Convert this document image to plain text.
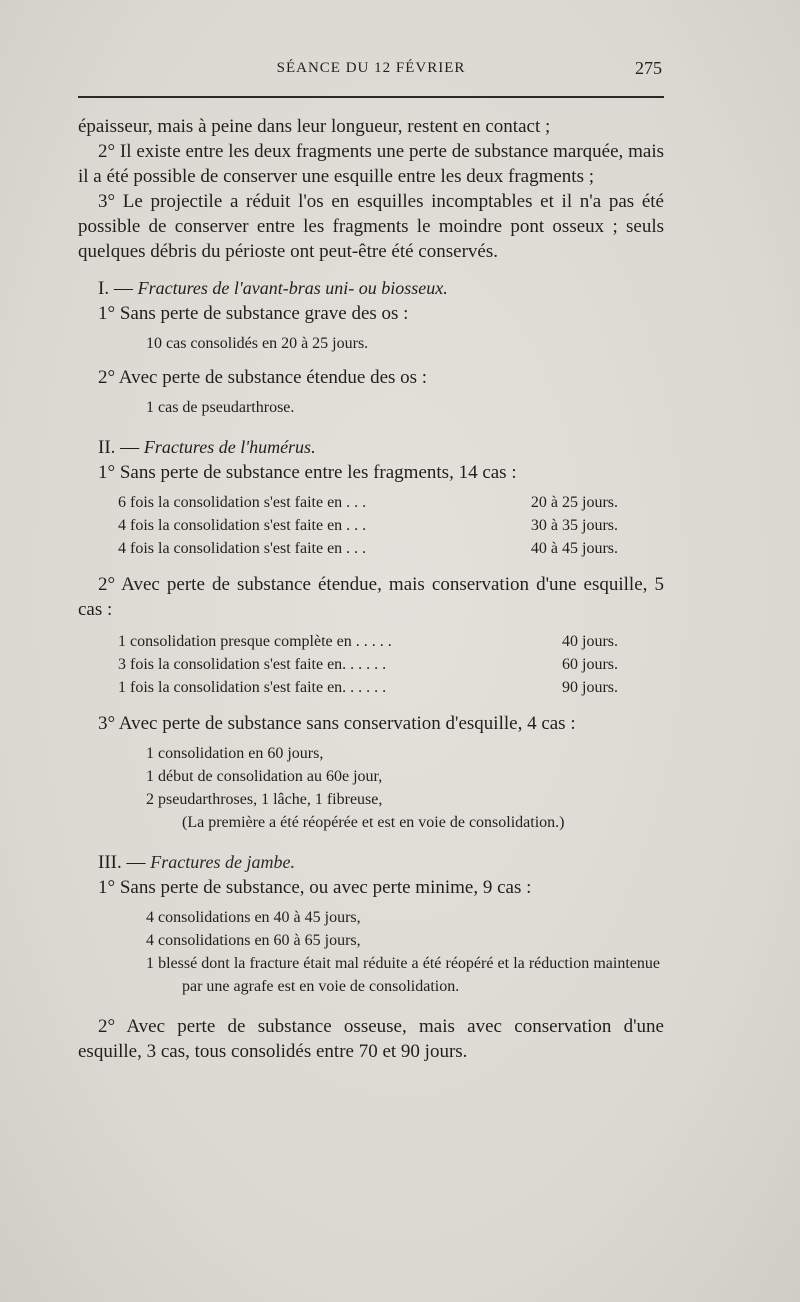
SÉANCE DU 12 FÉVRIER	275

épaisseur, mais à peine dans leur longueur, restent en contact ;

2° Il existe entre les deux fragments une perte de substance marquée, mais il a été possible de conserver une esquille entre les deux fragments ;

3° Le projectile a réduit l'os en esquilles incomptables et il n'a pas été possible de conserver entre les fragments le moindre pont osseux ; seuls quelques débris du périoste ont peut-être été conservés.

I. — Fractures de l'avant-bras uni- ou biosseux.

1° Sans perte de substance grave des os :

10 cas consolidés en 20 à 25 jours.

2° Avec perte de substance étendue des os :

1 cas de pseudarthrose.

II. — Fractures de l'humérus.

1° Sans perte de substance entre les fragments, 14 cas :

6 fois la consolidation s'est faite en . . .	20 à 25 jours.
4 fois la consolidation s'est faite en . . .	30 à 35 jours.
4 fois la consolidation s'est faite en . . .	40 à 45 jours.

2° Avec perte de substance étendue, mais conservation d'une esquille, 5 cas :

1 consolidation presque complète en . . . . .	40 jours.
3 fois la consolidation s'est faite en. . . . . .	60 jours.
1 fois la consolidation s'est faite en. . . . . .	90 jours.

3° Avec perte de substance sans conservation d'esquille, 4 cas :

1 consolidation en 60 jours,

1 début de consolidation au 60e jour,

2 pseudarthroses, 1 lâche, 1 fibreuse,

(La première a été réopérée et est en voie de consolidation.)

III. — Fractures de jambe.

1° Sans perte de substance, ou avec perte minime, 9 cas :

4 consolidations en 40 à 45 jours,

4 consolidations en 60 à 65 jours,

1 blessé dont la fracture était mal réduite a été réopéré et la réduction maintenue par une agrafe est en voie de consolidation.

2° Avec perte de substance osseuse, mais avec conservation d'une esquille, 3 cas, tous consolidés entre 70 et 90 jours.
